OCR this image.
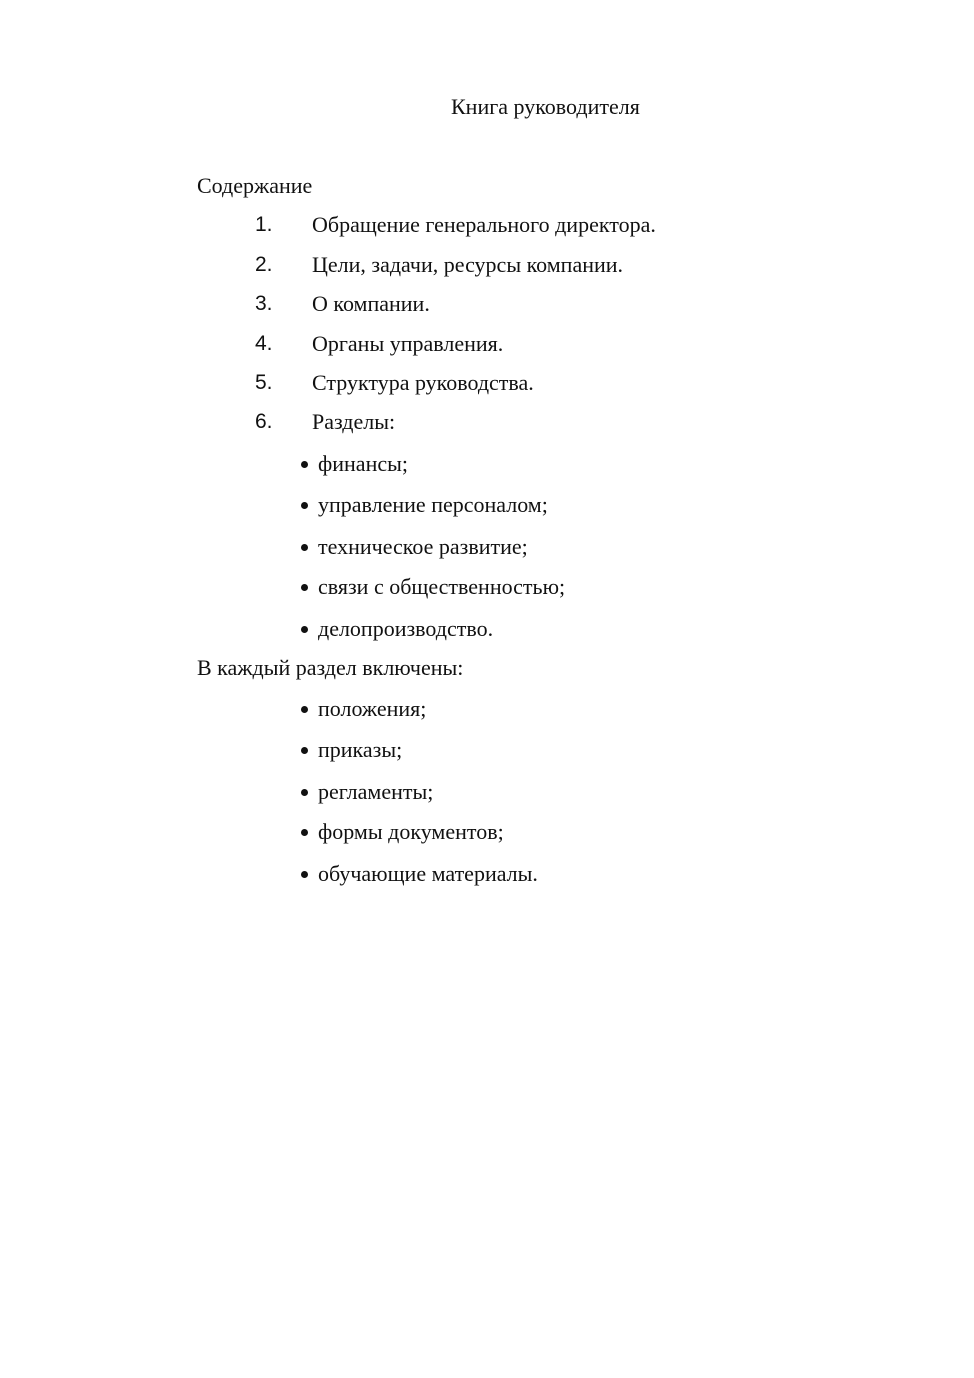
Книга руководителя
Содержание
1. Обращение генерального директора.
2. Цели, задачи, ресурсы компании.
3. О компании.
4. Органы управления.
5. Структура руководства.
6. Разделы:
финансы;
управление персоналом;
техническое развитие;
связи с общественностью;
делопроизводство.
В каждый раздел включены:
положения;
приказы;
регламенты;
формы документов;
обучающие материалы.
